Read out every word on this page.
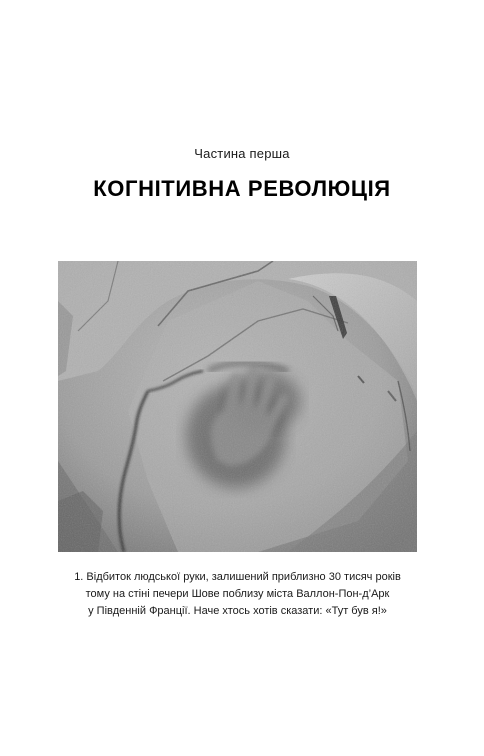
Частина перша
КОГНІТИВНА РЕВОЛЮЦІЯ
1. Відбиток людської руки, залишений приблизно 30 тисяч років
тому на стіні печери Шове поблизу міста Валлон-Пон-д’Арк
у Південній Франції. Наче хтось хотів сказати: «Тут був я!»
